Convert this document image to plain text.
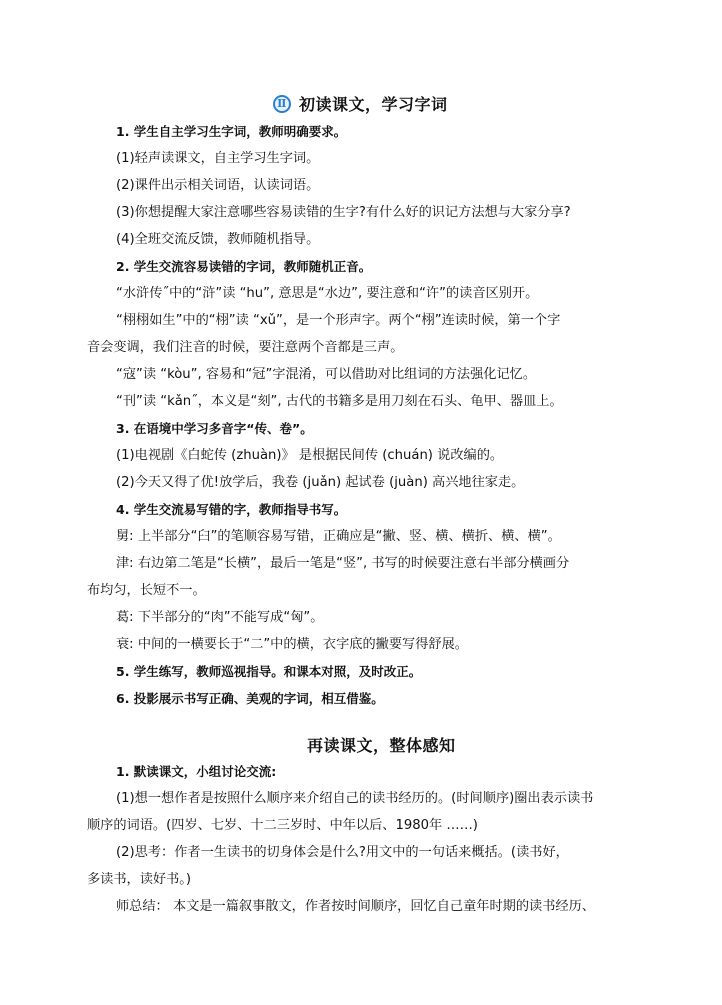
Ⅱ 初读课文，学习字词
1. 学生自主学习生字词，教师明确要求。
(1)轻声读课文，自主学习生字词。
(2)课件出示相关词语，认读词语。
(3)你想提醒大家注意哪些容易读错的生字?有什么好的识记方法想与大家分享?
(4)全班交流反馈，教师随机指导。
2. 学生交流容易读错的字词，教师随机正音。
“水浒传˝中的“浒”读 “hu”, 意思是“水边”, 要注意和“许”的读音区别开。
“栩栩如生”中的“栩”读 “xǔ”，是一个形声字。两个“栩”连读时候，第一个字
音会变调，我们注音的时候，要注意两个音都是三声。
“寇”读 “kòu”, 容易和“冠”字混淆，可以借助对比组词的方法强化记忆。
“刊”读 “kǎn˝，本义是“刻”, 古代的书籍多是用刀刻在石头、龟甲、器皿上。
3. 在语境中学习多音字“传、卷”。
(1)电视剧《白蛇传 (zhuàn)》 是根据民间传 (chuán) 说改编的。
(2)今天又得了优!放学后，我卷 (juǎn) 起试卷 (juàn) 高兴地往家走。
4. 学生交流易写错的字，教师指导书写。
舅: 上半部分“臼”的笔顺容易写错，正确应是“撇、竖、横、横折、横、横”。
津: 右边第二笔是“长横”，最后一笔是“竖”, 书写的时候要注意右半部分横画分
布均匀，长短不一。
葛: 下半部分的“肉”不能写成“匈”。
衰: 中间的一横要长于“二”中的横，衣字底的撇要写得舒展。
5. 学生练写，教师巡视指导。和课本对照，及时改正。
6. 投影展示书写正确、美观的字词，相互借鉴。
再读课文，整体感知
1. 默读课文，小组讨论交流:
(1)想一想作者是按照什么顺序来介绍自己的读书经历的。(时间顺序)圈出表示读书
顺序的词语。(四岁、七岁、十二三岁时、中年以后、1980年 ……)
(2)思考：作者一生读书的切身体会是什么?用文中的一句话来概括。(读书好，
多读书，读好书。)
师总结： 本文是一篇叙事散文，作者按时间顺序，回忆自己童年时期的读书经历、
